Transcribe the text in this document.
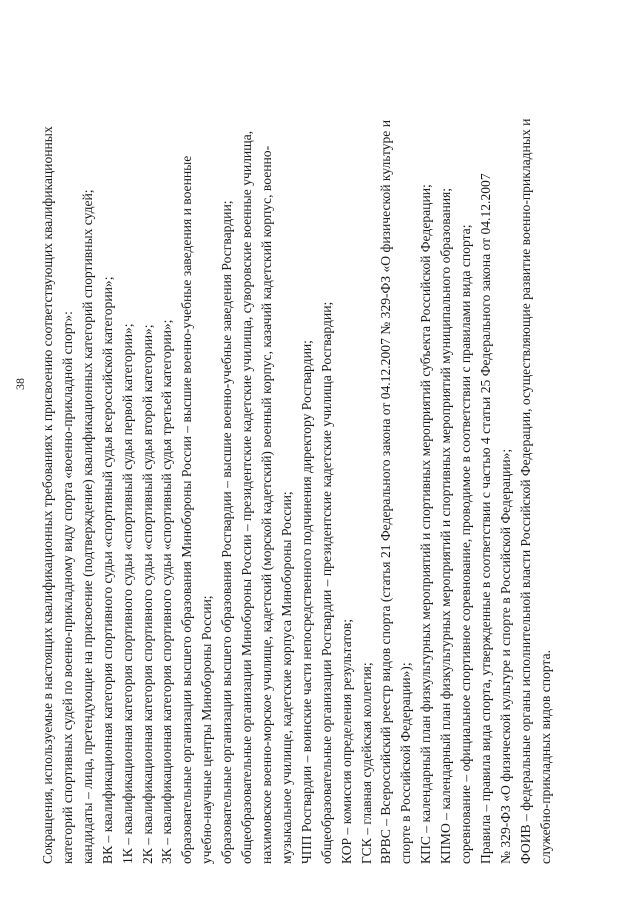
38 Сокращения, используемые в настоящих квалификационных требованиях к присвоению соответствующих квалификационных категорий спортивных судей по военно-прикладному виду спорта «военно-прикладной спорт»: кандидаты – лица, претендующие на присвоение (подтверждение) квалификационных категорий спортивных судей; ВК – квалификационная категория спортивного судьи «спортивный судья всероссийской категории»; 1К – квалификационная категория спортивного судьи «спортивный судья первой категории»; 2К – квалификационная категория спортивного судьи «спортивный судья второй категории»; 3К – квалификационная категория спортивного судьи «спортивный судья третьей категории»; образовательные организации высшего образования Минобороны России – высшие военно-учебные заведения и военные учебно-научные центры Минобороны России; образовательные организации высшего образования Росгвардии – высшие военно-учебные заведения Росгвардии; общеобразовательные организации Минобороны России – президентские кадетские училища, суворовские военные училища, нахимовское военно-морское училище, кадетский (морской кадетский) военный корпус, казачий кадетский корпус, военно- музыкальное училище, кадетские корпуса Минобороны России; ЧПП Росгвардии – воинские части непосредственного подчинения директору Росгвардии; общеобразовательные организации Росгвардии – президентские кадетские училища Росгвардии; КОР – комиссия определения результатов; ГСК – главная судейская коллегия; ВРВС – Всероссийский реестр видов спорта (статья 21 Федерального закона от 04.12.2007 № 329-ФЗ «О физической культуре и спорте в Российской Федерации»); КПС – календарный план физкультурных мероприятий и спортивных мероприятий субъекта Российской Федерации; КПМО – календарный план физкультурных мероприятий и спортивных мероприятий муниципального образования; соревнование – официальное спортивное соревнование, проводимое в соответствии с правилами вида спорта; Правила – правила вида спорта, утвержденные в соответствии с частью 4 статьи 25 Федерального закона от 04.12.2007 № 329-ФЗ «О физической культуре и спорте в Российской Федерации»; ФОИВ – федеральные органы исполнительной власти Российской Федерации, осуществляющие развитие военно-прикладных и служебно-прикладных видов спорта.
